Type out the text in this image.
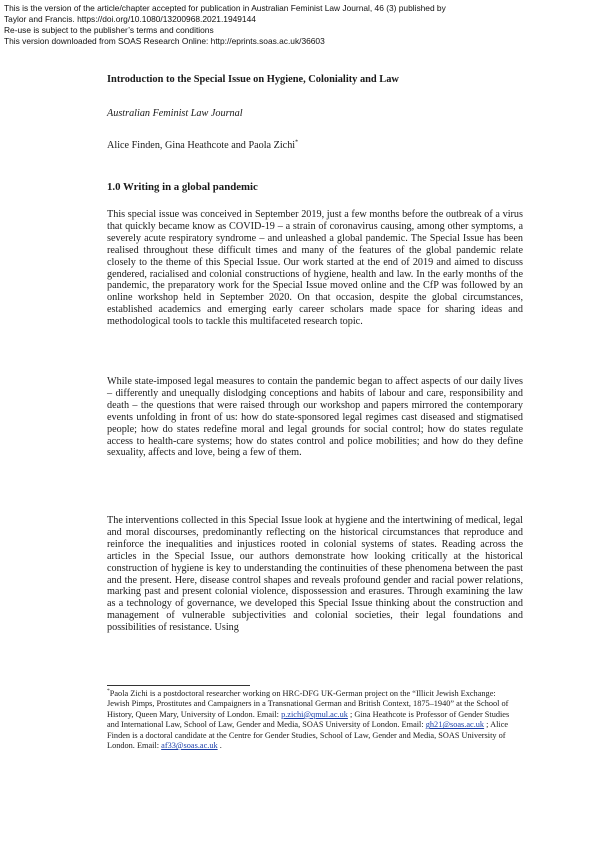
This is the version of the article/chapter accepted for publication in Australian Feminist Law Journal, 46 (3) published by
Taylor and Francis. https://doi.org/10.1080/13200968.2021.1949144
Re-use is subject to the publisher’s terms and conditions
This version downloaded from SOAS Research Online: http://eprints.soas.ac.uk/36603
Introduction to the Special Issue on Hygiene, Coloniality and Law
Australian Feminist Law Journal
Alice Finden, Gina Heathcote and Paola Zichi*
1.0 Writing in a global pandemic

This special issue was conceived in September 2019, just a few months before the outbreak of a virus that quickly became know as COVID-19 – a strain of coronavirus causing, among other symptoms, a severely acute respiratory syndrome – and unleashed a global pandemic. The Special Issue has been realised throughout these difficult times and many of the features of the global pandemic relate closely to the theme of this Special Issue. Our work started at the end of 2019 and aimed to discuss gendered, racialised and colonial constructions of hygiene, health and law. In the early months of the pandemic, the preparatory work for the Special Issue moved online and the CfP was followed by an online workshop held in September 2020. On that occasion, despite the global circumstances, established academics and emerging early career scholars made space for sharing ideas and methodological tools to tackle this multifaceted research topic.

While state-imposed legal measures to contain the pandemic began to affect aspects of our daily lives – differently and unequally dislodging conceptions and habits of labour and care, responsibility and death – the questions that were raised through our workshop and papers mirrored the contemporary events unfolding in front of us: how do state-sponsored legal regimes cast diseased and stigmatised people; how do states redefine moral and legal grounds for social control; how do states regulate access to health-care systems; how do states control and police mobilities; and how do they define sexuality, affects and love, being a few of them.

The interventions collected in this Special Issue look at hygiene and the intertwining of medical, legal and moral discourses, predominantly reflecting on the historical circumstances that reproduce and reinforce the inequalities and injustices rooted in colonial systems of states. Reading across the articles in the Special Issue, our authors demonstrate how looking critically at the historical construction of hygiene is key to understanding the continuities of these phenomena between the past and the present. Here, disease control shapes and reveals profound gender and racial power relations, marking past and present colonial violence, dispossession and erasures. Through examining the law as a technology of governance, we developed this Special Issue thinking about the construction and management of vulnerable subjectivities and colonial societies, their legal foundations and possibilities of resistance. Using

*Paola Zichi is a postdoctoral researcher working on HRC-DFG UK-German project on the “Illicit Jewish Exchange: Jewish Pimps, Prostitutes and Campaigners in a Transnational German and British Context, 1875–1940” at the School of History, Queen Mary, University of London. Email: p.zichi@qmul.ac.uk ; Gina Heathcote is Professor of Gender Studies and International Law, School of Law, Gender and Media, SOAS University of London. Email: gh21@soas.ac.uk ; Alice Finden is a doctoral candidate at the Centre for Gender Studies, School of Law, Gender and Media, SOAS University of London. Email: af33@soas.ac.uk .
